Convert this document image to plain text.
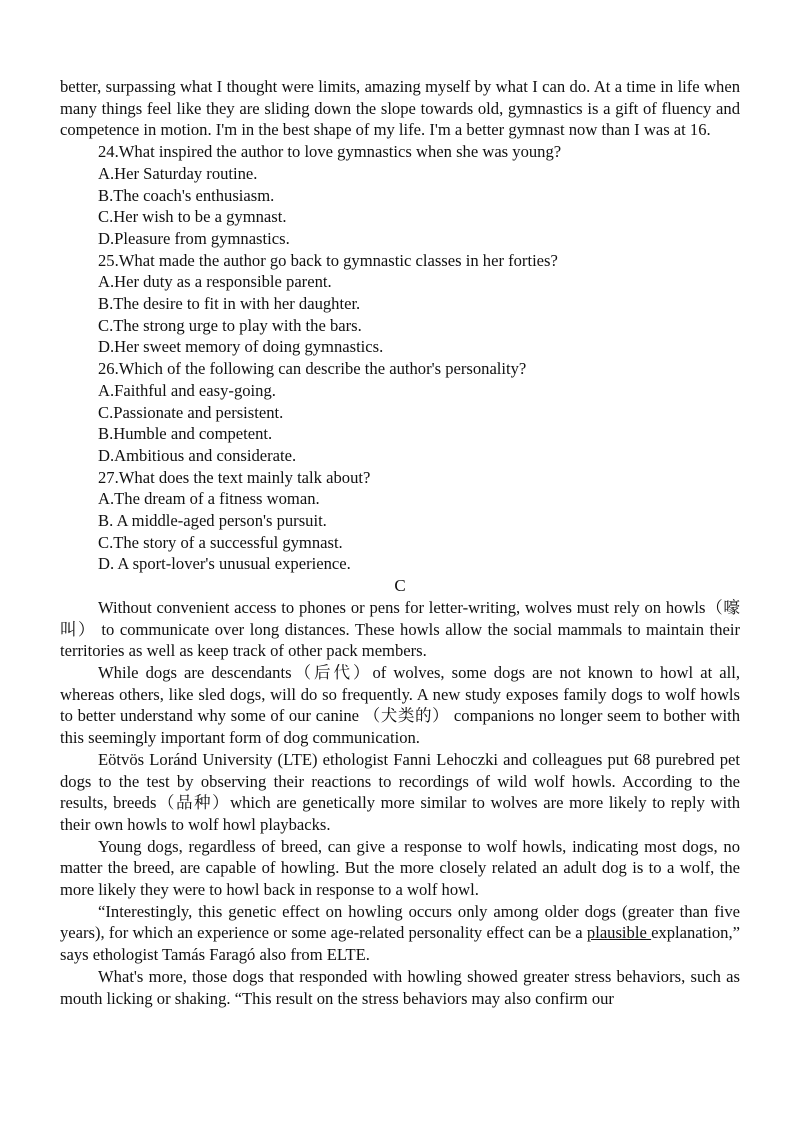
better, surpassing what I thought were limits, amazing myself by what I can do. At a time in life when many things feel like they are sliding down the slope towards old, gymnastics is a gift of fluency and competence in motion. I'm in the best shape of my life. I'm a better gymnast now than I was at 16.

24.What inspired the author to love gymnastics when she was young?

A.Her Saturday routine.

B.The coach's enthusiasm.

C.Her wish to be a gymnast.

D.Pleasure from gymnastics.

25.What made the author go back to gymnastic classes in her forties?

A.Her duty as a responsible parent.

B.The desire to fit in with her daughter.

C.The strong urge to play with the bars.

D.Her sweet memory of doing gymnastics.

26.Which of the following can describe the author's personality?

A.Faithful and easy-going.

C.Passionate and persistent.

B.Humble and competent.

D.Ambitious and considerate.

27.What does the text mainly talk about?

A.The dream of a fitness woman.

B. A middle-aged person's pursuit.

C.The story of a successful gymnast.

D. A sport-lover's unusual experience.

C

Without convenient access to phones or pens for letter-writing, wolves must rely on howls（嚎叫） to communicate over long distances. These howls allow the social mammals to maintain their territories as well as keep track of other pack members.

While dogs are descendants（后代）of wolves, some dogs are not known to howl at all, whereas others, like sled dogs, will do so frequently. A new study exposes family dogs to wolf howls to better understand why some of our canine （犬类的） companions no longer seem to bother with this seemingly important form of dog communication.

Eötvös Loránd University (LTE) ethologist Fanni Lehoczki and colleagues put 68 purebred pet dogs to the test by observing their reactions to recordings of wild wolf howls. According to the results, breeds（品种）which are genetically more similar to wolves are more likely to reply with their own howls to wolf howl playbacks.

Young dogs, regardless of breed, can give a response to wolf howls, indicating most dogs, no matter the breed, are capable of howling. But the more closely related an adult dog is to a wolf, the more likely they were to howl back in response to a wolf howl.

“Interestingly, this genetic effect on howling occurs only among older dogs (greater than five years), for which an experience or some age-related personality effect can be a plausible explanation,” says ethologist Tamás Faragó also from ELTE.

What's more, those dogs that responded with howling showed greater stress behaviors, such as mouth licking or shaking. “This result on the stress behaviors may also confirm our
